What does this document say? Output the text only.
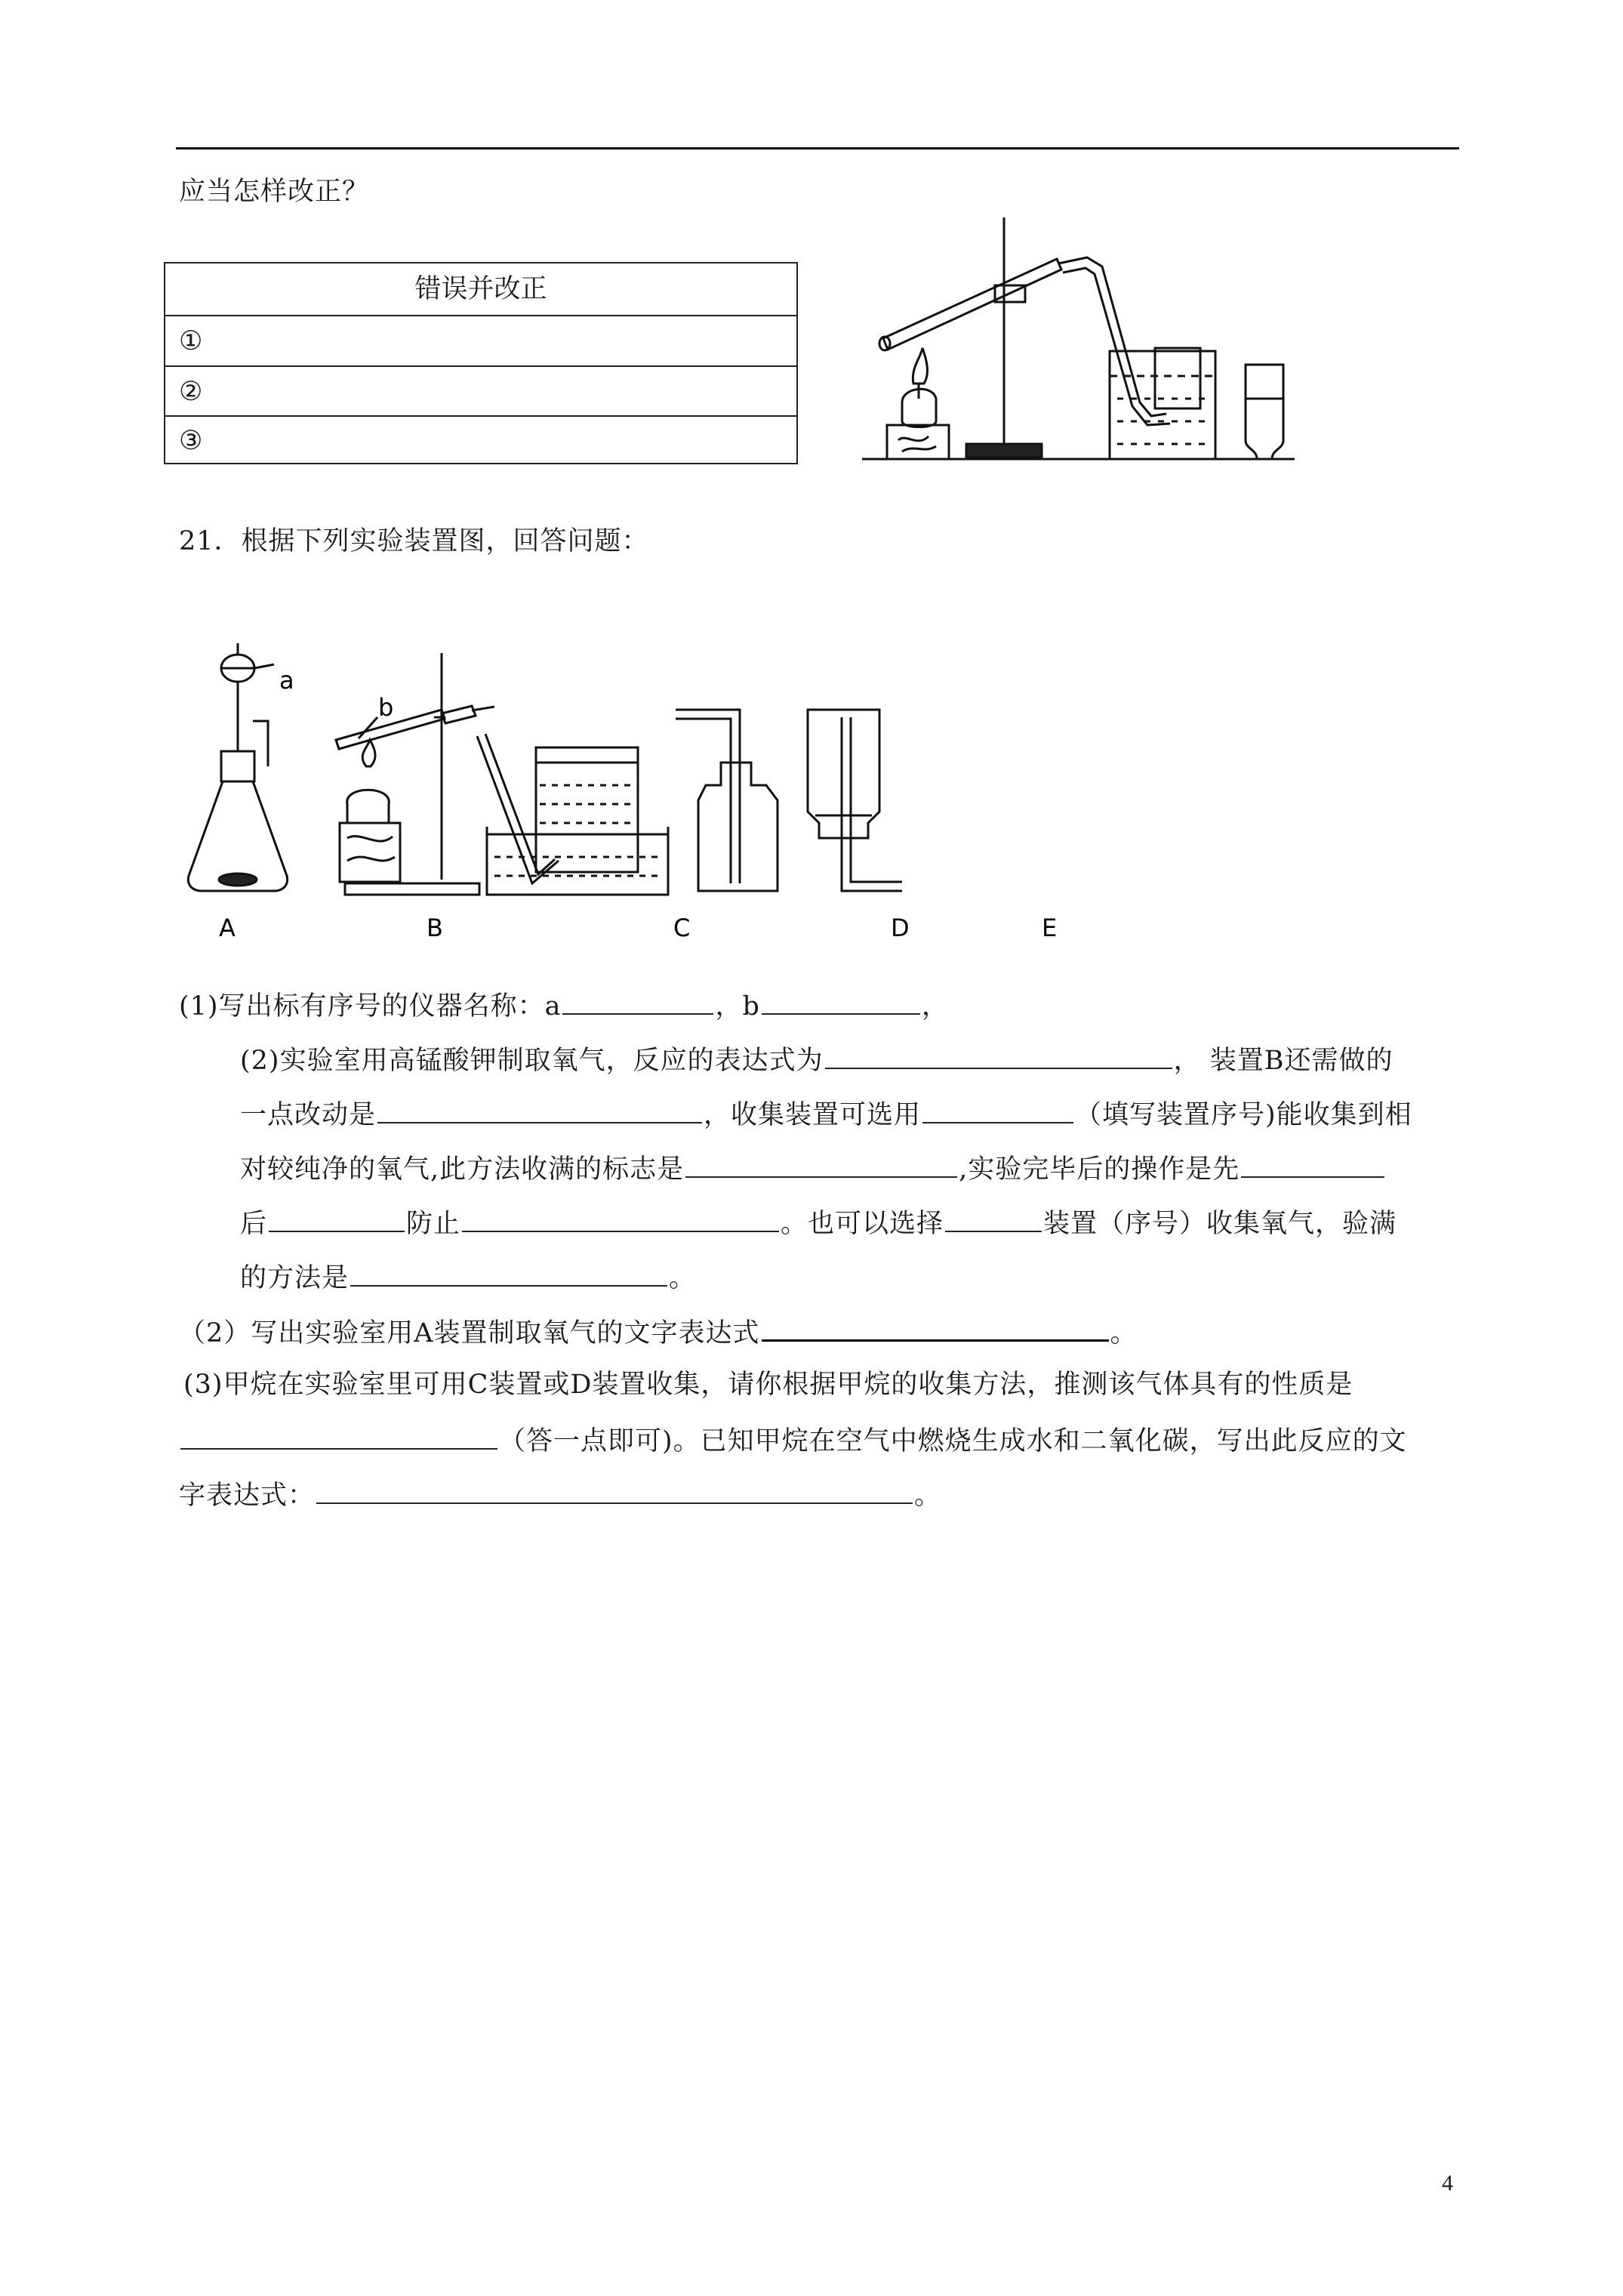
应当怎样改正？
错误并改正
①
②
③
21．根据下列实验装置图，回答问题：
a
b
A	B	C	D	E
(1)写出标有序号的仪器名称：a	，b	，
(2)实验室用高锰酸钾制取氧气，反应的表达式为	， 装置B还需做的
一点改动是	，收集装置可选用	（填写装置序号)能收集到相
对较纯净的氧气,此方法收满的标志是	,实验完毕后的操作是先
后	防止	。也可以选择	装置（序号）收集氧气，验满
的方法是	。
（2）写出实验室用A装置制取氧气的文字表达式	。
(3)甲烷在实验室里可用C装置或D装置收集，请你根据甲烷的收集方法，推测该气体具有的性质是
（答一点即可)。已知甲烷在空气中燃烧生成水和二氧化碳，写出此反应的文
字表达式：	。
4
